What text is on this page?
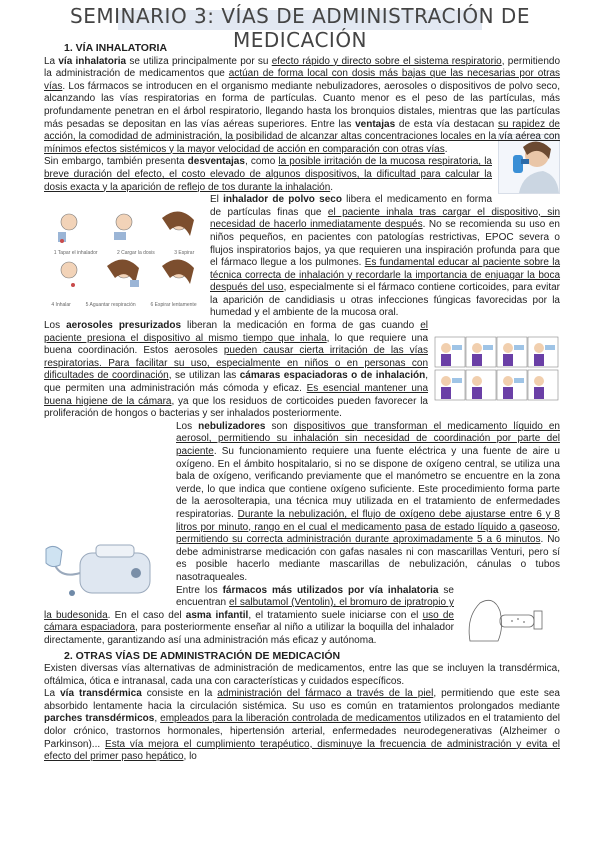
SEMINARIO 3: VÍAS DE ADMINISTRACIÓN DE MEDICACIÓN
1. VÍA INHALATORIA

La vía inhalatoria se utiliza principalmente por su efecto rápido y directo sobre el sistema respiratorio, permitiendo la administración de medicamentos que actúan de forma local con dosis más bajas que las necesarias por otras vías. Los fármacos se introducen en el organismo mediante nebulizadores, aerosoles o dispositivos de polvo seco, alcanzando las vías respiratorias en forma de partículas. Cuanto menor es el peso de las partículas, más profundamente penetran en el árbol respiratorio, llegando hasta los bronquios distales, mientras que las partículas más pesadas se depositan en las vías aéreas superiores. Entre las ventajas de esta vía destacan su rapidez de acción, la comodidad de administración, la posibilidad de alcanzar altas concentraciones locales en la vía aérea con mínimos efectos sistémicos y la mayor velocidad de acción en comparación con otras vías.

Sin embargo, también presenta desventajas, como la posible irritación de la mucosa respiratoria, la breve duración del efecto, el costo elevado de algunos dispositivos, la dificultad para calcular la dosis exacta y la aparición de reflejo de tos durante la inhalación.

1 Tapar el inhalador	2 Cargar la dosis	3 Espirar
4 Inhalar	5 Aguantar respiración	6 Espirar lentamente

El inhalador de polvo seco libera el medicamento en forma de partículas finas que el paciente inhala tras cargar el dispositivo, sin necesidad de hacerlo inmediatamente después. No se recomienda su uso en niños pequeños, en pacientes con patologías restrictivas, EPOC severa o flujos inspiratorios bajos, ya que requieren una inspiración profunda para que el fármaco llegue a los pulmones. Es fundamental educar al paciente sobre la técnica correcta de inhalación y recordarle la importancia de enjuagar la boca después del uso, especialmente si el fármaco contiene corticoides, para evitar la aparición de candidiasis u otras infecciones fúngicas favorecidas por la humedad y el ambiente de la mucosa oral.

Los aerosoles presurizados liberan la medicación en forma de gas cuando el paciente presiona el dispositivo al mismo tiempo que inhala, lo que requiere una buena coordinación. Estos aerosoles pueden causar cierta irritación de las vías respiratorias. Para facilitar su uso, especialmente en niños o en personas con dificultades de coordinación, se utilizan las cámaras espaciadoras o de inhalación, que permiten una administración más cómoda y eficaz. Es esencial mantener una buena higiene de la cámara, ya que los residuos de corticoides pueden favorecer la proliferación de hongos o bacterias y ser inhalados posteriormente.

Los nebulizadores son dispositivos que transforman el medicamento líquido en aerosol, permitiendo su inhalación sin necesidad de coordinación por parte del paciente. Su funcionamiento requiere una fuente eléctrica y una fuente de aire u oxígeno. En el ámbito hospitalario, si no se dispone de oxígeno central, se utiliza una bala de oxígeno, verificando previamente que el manómetro se encuentre en la zona verde, lo que indica que contiene oxígeno suficiente. Este procedimiento forma parte de la aerosolterapia, una técnica muy utilizada en el tratamiento de enfermedades respiratorias. Durante la nebulización, el flujo de oxígeno debe ajustarse entre 6 y 8 litros por minuto, rango en el cual el medicamento pasa de estado líquido a gaseoso, permitiendo su correcta administración durante aproximadamente 5 a 6 minutos. No debe administrarse medicación con gafas nasales ni con mascarillas Venturi, pero sí es posible hacerlo mediante mascarillas de nebulización, cánulas o tubos nasotraqueales.

Entre los fármacos más utilizados por vía inhalatoria se encuentran el salbutamol (Ventolin), el bromuro de ipratropio y la budesonida. En el caso del asma infantil, el tratamiento suele iniciarse con el uso de cámara espaciadora, para posteriormente enseñar al niño a utilizar la boquilla del inhalador directamente, garantizando así una administración más eficaz y autónoma.

2. OTRAS VÍAS DE ADMINISTRACIÓN DE MEDICACIÓN

Existen diversas vías alternativas de administración de medicamentos, entre las que se incluyen la transdérmica, oftálmica, ótica e intranasal, cada una con características y cuidados específicos.

La vía transdérmica consiste en la administración del fármaco a través de la piel, permitiendo que este sea absorbido lentamente hacia la circulación sistémica. Su uso es común en tratamientos prolongados mediante parches transdérmicos, empleados para la liberación controlada de medicamentos utilizados en el tratamiento del dolor crónico, trastornos hormonales, hipertensión arterial, enfermedades neurodegenerativas (Alzheimer o Parkinson)... Esta vía mejora el cumplimiento terapéutico, disminuye la frecuencia de administración y evita el efecto del primer paso hepático, lo
